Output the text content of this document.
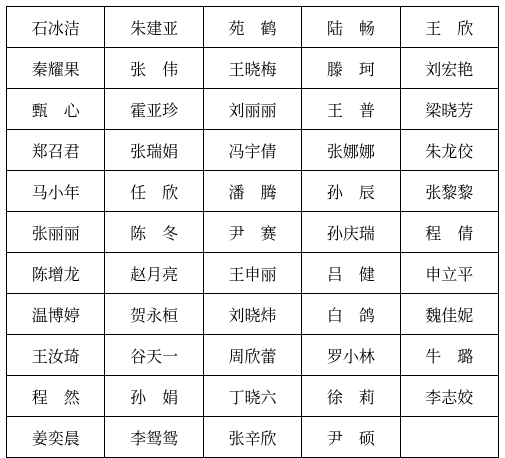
石冰洁	朱建亚	苑　鹤	陆　畅	王　欣
秦耀果	张　伟	王晓梅	滕　珂	刘宏艳
甄　心	霍亚珍	刘丽丽	王　普	梁晓芳
郑召君	张瑞娟	冯宇倩	张娜娜	朱龙佼
马小年	任　欣	潘　腾	孙　辰	张黎黎
张丽丽	陈　冬	尹　赛	孙庆瑞	程　倩
陈增龙	赵月亮	王申丽	吕　健	申立平
温博婷	贺永桓	刘晓炜	白　鸽	魏佳妮
王汝琦	谷天一	周欣蕾	罗小林	牛　璐
程　然	孙　娟	丁晓六	徐　莉	李志姣
姜奕晨	李鸳鸳	张辛欣	尹　硕	
